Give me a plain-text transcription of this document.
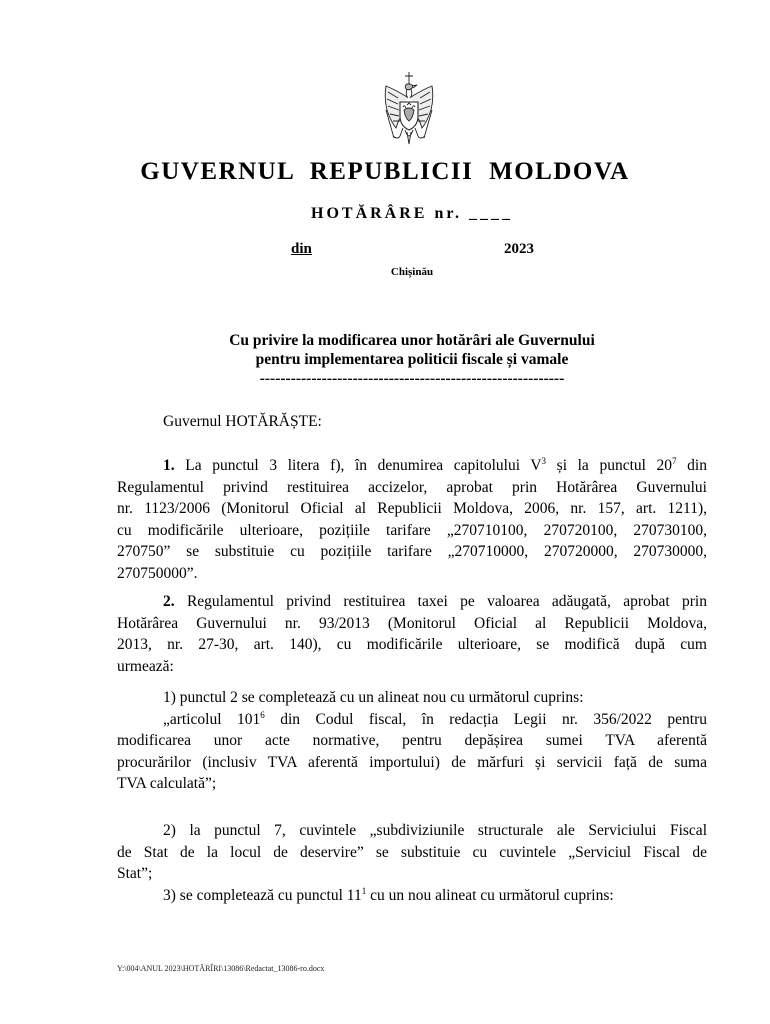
GUVERNUL REPUBLICII MOLDOVA
HOTĂRÂRE nr. ____
din	2023
Chișinău
Cu privire la modificarea unor hotărâri ale Guvernului
pentru implementarea politicii fiscale și vamale
-----------------------------------------------------------
Guvernul HOTĂRĂȘTE:
1. La punctul 3 litera f), în denumirea capitolului $V^3$ și la punctul $20^7$ din
Regulamentul privind restituirea accizelor, aprobat prin Hotărârea Guvernului
nr. 1123/2006 (Monitorul Oficial al Republicii Moldova, 2006, nr. 157, art. 1211),
cu modificările ulterioare, pozițiile tarifare „270710100, 270720100, 270730100,
270750” se substituie cu pozițiile tarifare „270710000, 270720000, 270730000,
270750000”.
2. Regulamentul privind restituirea taxei pe valoarea adăugată, aprobat prin
Hotărârea Guvernului nr. 93/2013 (Monitorul Oficial al Republicii Moldova,
2013, nr. 27-30, art. 140), cu modificările ulterioare, se modifică după cum
urmează:
1) punctul 2 se completează cu un alineat nou cu următorul cuprins:
„articolul $101^6$ din Codul fiscal, în redacția Legii nr. 356/2022 pentru
modificarea unor acte normative, pentru depășirea sumei TVA aferentă
procurărilor (inclusiv TVA aferentă importului) de mărfuri și servicii față de suma
TVA calculată”;
2) la punctul 7, cuvintele „subdiviziunile structurale ale Serviciului Fiscal
de Stat de la locul de deservire” se substituie cu cuvintele „Serviciul Fiscal de
Stat”;
3) se completează cu punctul $11^1$ cu un nou alineat cu următorul cuprins:
Y:\004\ANUL 2023\HOTĂRÎRI\13086\Redactat_13086-ro.docx
